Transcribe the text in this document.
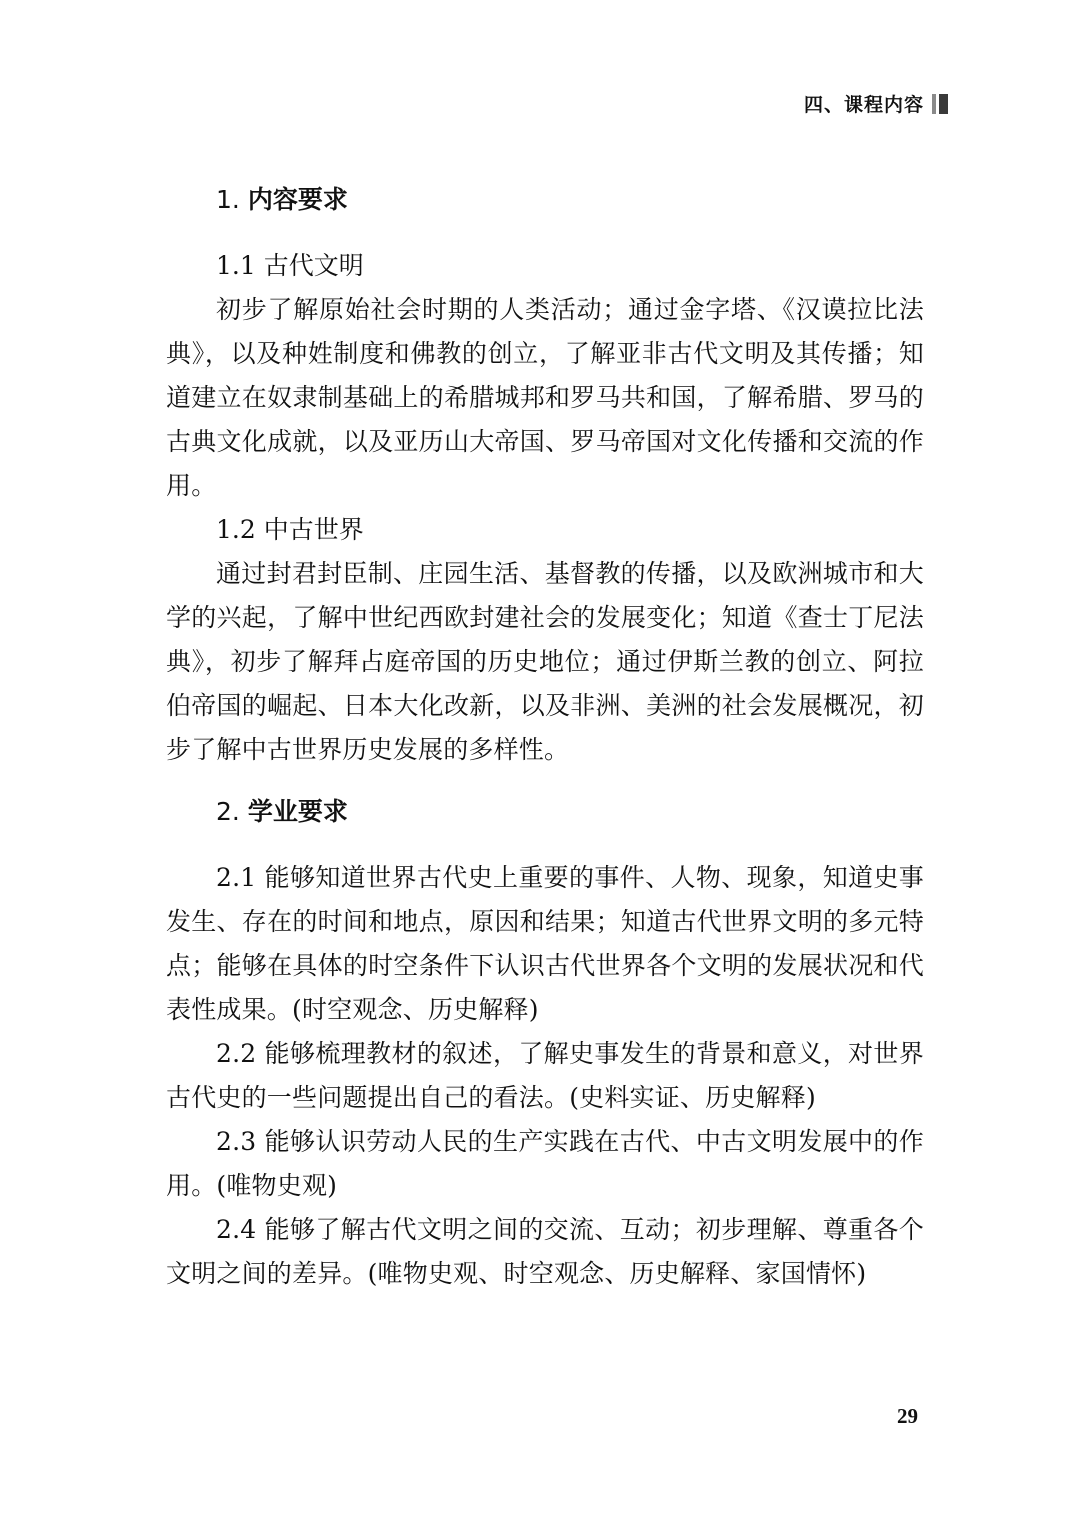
四、课程内容
1. 内容要求

1.1 古代文明

初步了解原始社会时期的人类活动；通过金字塔、《汉谟拉比法典》，以及种姓制度和佛教的创立，了解亚非古代文明及其传播；知道建立在奴隶制基础上的希腊城邦和罗马共和国，了解希腊、罗马的古典文化成就，以及亚历山大帝国、罗马帝国对文化传播和交流的作用。

1.2 中古世界

通过封君封臣制、庄园生活、基督教的传播，以及欧洲城市和大学的兴起，了解中世纪西欧封建社会的发展变化；知道《查士丁尼法典》，初步了解拜占庭帝国的历史地位；通过伊斯兰教的创立、阿拉伯帝国的崛起、日本大化改新，以及非洲、美洲的社会发展概况，初步了解中古世界历史发展的多样性。

2. 学业要求

2.1 能够知道世界古代史上重要的事件、人物、现象，知道史事发生、存在的时间和地点，原因和结果；知道古代世界文明的多元特点；能够在具体的时空条件下认识古代世界各个文明的发展状况和代表性成果。(时空观念、历史解释)

2.2 能够梳理教材的叙述，了解史事发生的背景和意义，对世界古代史的一些问题提出自己的看法。(史料实证、历史解释)

2.3 能够认识劳动人民的生产实践在古代、中古文明发展中的作用。(唯物史观)

2.4 能够了解古代文明之间的交流、互动；初步理解、尊重各个文明之间的差异。(唯物史观、时空观念、历史解释、家国情怀)

29
